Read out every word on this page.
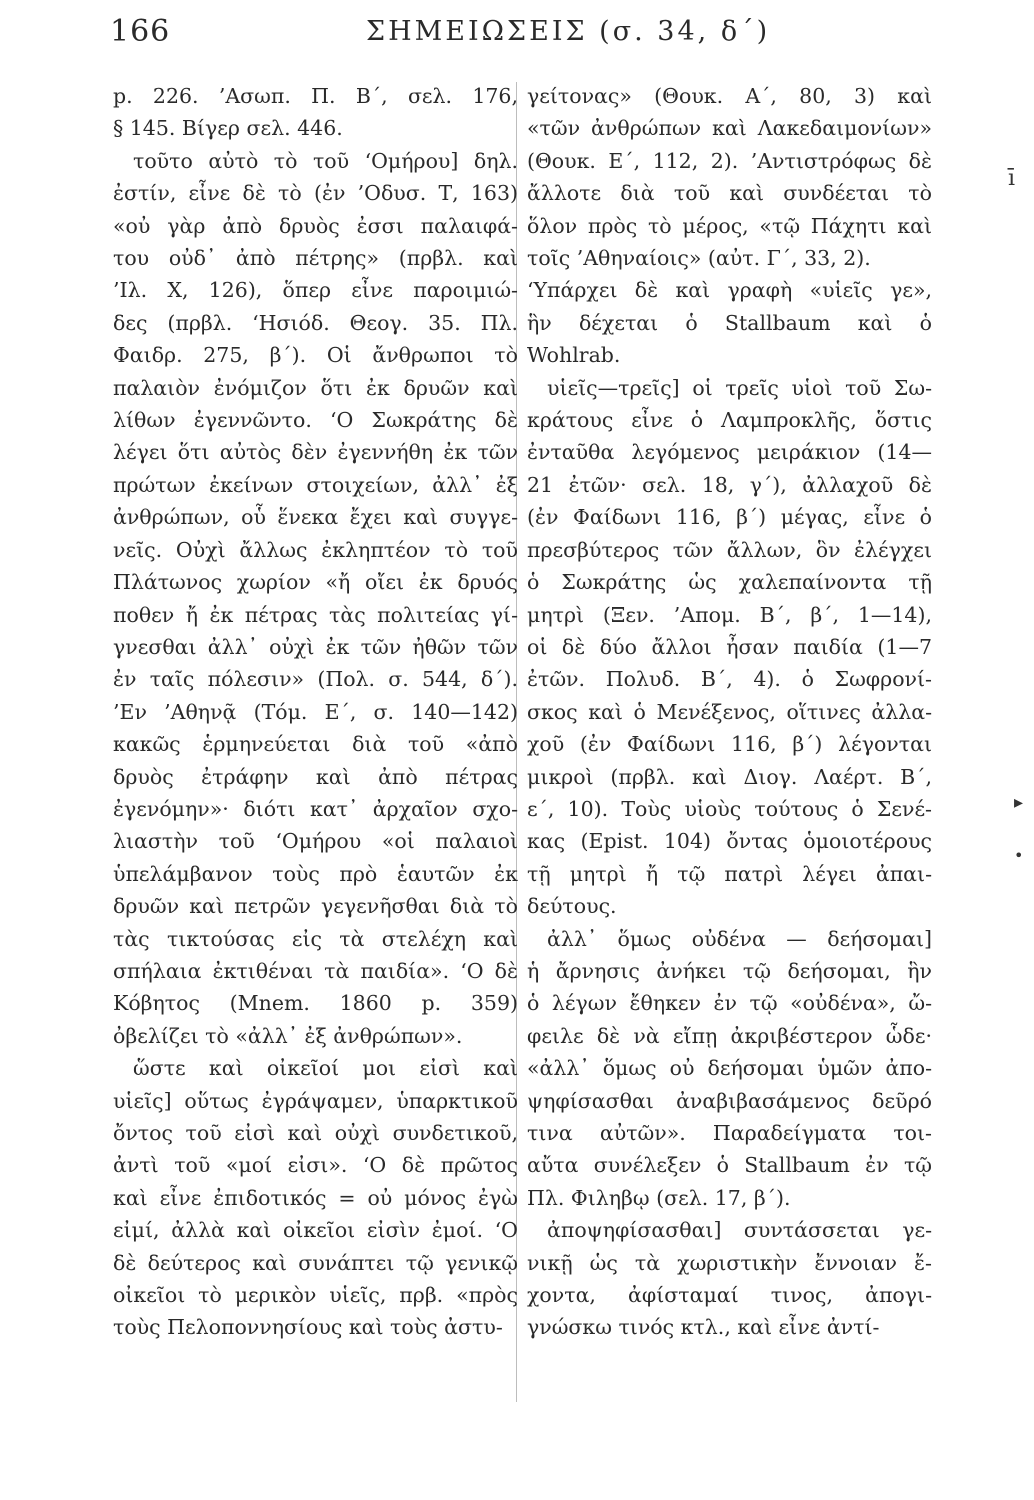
166	ΣΗΜΕΙΩΣΕΙΣ (σ. 34, δ΄)
p. 226. ’Ασωπ. Π. Β΄, σελ. 176,
§ 145. Βίγερ σελ. 446.
τοῦτο αὐτὸ τὸ τοῦ ‘Ομήρου] δηλ.
ἐστίν, εἶνε δὲ τὸ (ἐν ’Οδυσ. Τ, 163)
«οὐ γὰρ ἀπὸ δρυὸς ἐσσι παλαιφά-
του οὐδ᾽ ἀπὸ πέτρης» (πρβλ. καὶ
’Ιλ. Χ, 126), ὅπερ εἶνε παροιμιώ-
δες (πρβλ. ‘Ησιόδ. Θεογ. 35. Πλ.
Φαιδρ. 275, β΄). Οἱ ἄνθρωποι τὸ
παλαιὸν ἐνόμιζον ὅτι ἐκ δρυῶν καὶ
λίθων ἐγεννῶντο. ‘Ο Σωκράτης δὲ
λέγει ὅτι αὐτὸς δὲν ἐγεννήθη ἐκ τῶν
πρώτων ἐκείνων στοιχείων, ἀλλ᾽ ἐξ
ἀνθρώπων, οὗ ἕνεκα ἔχει καὶ συγγε-
νεῖς. Οὐχὶ ἄλλως ἐκληπτέον τὸ τοῦ
Πλάτωνος χωρίον «ἤ οἴει ἐκ δρυός
ποθεν ἤ ἐκ πέτρας τὰς πολιτείας γί-
γνεσθαι ἀλλ᾽ οὐχὶ ἐκ τῶν ἠθῶν τῶν
ἐν ταῖς πόλεσιν» (Πολ. σ. 544, δ΄).
’Εν ’Αθηνᾷ (Τόμ. Ε΄, σ. 140—142)
κακῶς ἑρμηνεύεται διὰ τοῦ «ἀπὸ
δρυὸς ἐτράφην καὶ ἀπὸ πέτρας
ἐγενόμην»· διότι κατ᾽ ἀρχαῖον σχο-
λιαστὴν τοῦ ‘Ομήρου «οἱ παλαιοὶ
ὑπελάμβανον τοὺς πρὸ ἑαυτῶν ἐκ
δρυῶν καὶ πετρῶν γεγενῆσθαι διὰ τὸ
τὰς τικτούσας εἰς τὰ στελέχη καὶ
σπήλαια ἐκτιθέναι τὰ παιδία». ‘Ο δὲ
Κόβητος (Mnem. 1860 p. 359)
ὀβελίζει τὸ «ἀλλ᾽ ἐξ ἀνθρώπων».
ὥστε καὶ οἰκεῖοί μοι εἰσὶ καὶ
υἱεῖς] οὕτως ἐγράψαμεν, ὑπαρκτικοῦ
ὄντος τοῦ εἰσὶ καὶ οὐχὶ συνδετικοῦ,
ἀντὶ τοῦ «μοί εἰσι». ‘Ο δὲ πρῶτος
καὶ εἶνε ἐπιδοτικός = οὐ μόνος ἐγὼ
εἰμί, ἀλλὰ καὶ οἰκεῖοι εἰσὶν ἐμοί. ‘Ο
δὲ δεύτερος καὶ συνάπτει τῷ γενικῷ
οἰκεῖοι τὸ μερικὸν υἱεῖς, πρβ. «πρὸς
τοὺς Πελοποννησίους καὶ τοὺς ἀστυ-
γείτονας» (Θουκ. Α΄, 80, 3) καὶ
«τῶν ἀνθρώπων καὶ Λακεδαιμονίων»
(Θουκ. Ε΄, 112, 2). ’Αντιστρόφως δὲ
ἄλλοτε διὰ τοῦ καὶ συνδέεται τὸ
ὅλον πρὸς τὸ μέρος, «τῷ Πάχητι καὶ
τοῖς ’Αθηναίοις» (αὐτ. Γ΄, 33, 2).
‘Υπάρχει δὲ καὶ γραφὴ «υἱεῖς γε»,
ἣν δέχεται ὁ Stallbaum καὶ ὁ
Wohlrab.
υἱεῖς—τρεῖς] οἱ τρεῖς υἱοὶ τοῦ Σω-
κράτους εἶνε ὁ Λαμπροκλῆς, ὅστις
ἐνταῦθα λεγόμενος μειράκιον (14—
21 ἐτῶν· σελ. 18, γ΄), ἀλλαχοῦ δὲ
(ἐν Φαίδωνι 116, β΄) μέγας, εἶνε ὁ
πρεσβύτερος τῶν ἄλλων, ὃν ἐλέγχει
ὁ Σωκράτης ὡς χαλεπαίνοντα τῇ
μητρὶ (Ξεν. ’Απομ. Β΄, β΄, 1—14),
οἱ δὲ δύο ἄλλοι ἦσαν παιδία (1—7
ἐτῶν. Πολυδ. Β΄, 4). ὁ Σωφρονί-
σκος καὶ ὁ Μενέξενος, οἵτινες ἀλλα-
χοῦ (ἐν Φαίδωνι 116, β΄) λέγονται
μικροὶ (πρβλ. καὶ Διογ. Λαέρτ. Β΄,
ε΄, 10). Τοὺς υἱοὺς τούτους ὁ Σενέ-
κας (Epist. 104) ὄντας ὁμοιοτέρους
τῇ μητρὶ ἤ τῷ πατρὶ λέγει ἀπαι-
δεύτους.
ἀλλ᾽ ὅμως οὐδένα — δεήσομαι]
ἡ ἄρνησις ἀνήκει τῷ δεήσομαι, ἣν
ὁ λέγων ἔθηκεν ἐν τῷ «οὐδένα», ὤ-
φειλε δὲ νὰ εἴπῃ ἀκριβέστερον ὧδε·
«ἀλλ᾽ ὅμως οὐ δεήσομαι ὑμῶν ἀπο-
ψηφίσασθαι ἀναβιβασάμενος δεῦρό
τινα αὐτῶν». Παραδείγματα τοι-
αὔτα συνέλεξεν ὁ Stallbaum ἐν τῷ
Πλ. Φιληβῳ (σελ. 17, β΄).
ἀποψηφίσασθαι] συντάσσεται γε-
νικῇ ὡς τὰ χωριστικὴν ἔννοιαν ἔ-
χοντα, ἀφίσταμαί τινος, ἀπογι-
γνώσκω τινός κτλ., καὶ εἶνε ἀντί-
ī
▸
•
